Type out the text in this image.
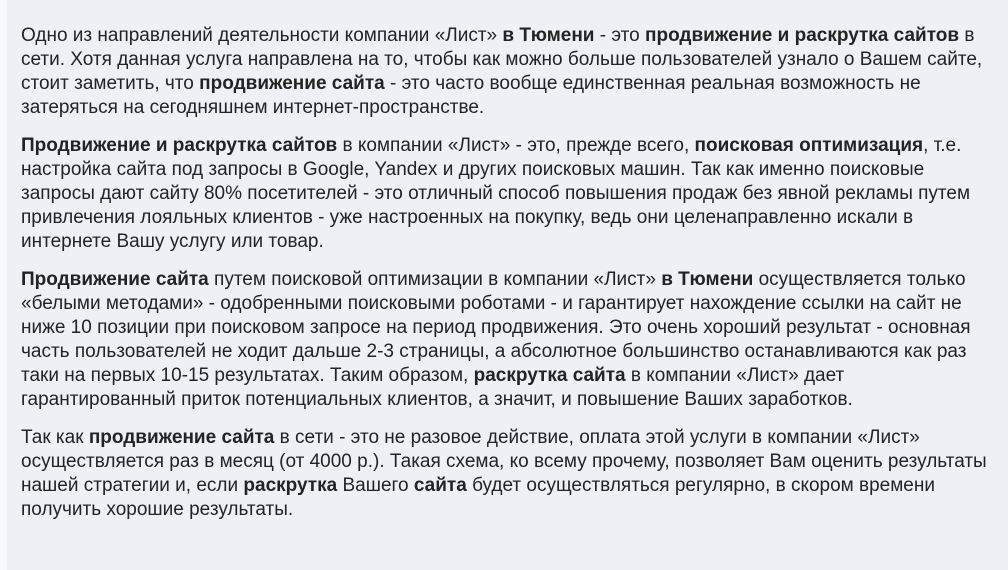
Одно из направлений деятельности компании «Лист» в Тюмени - это продвижение и раскрутка сайтов в сети. Хотя данная услуга направлена на то, чтобы как можно больше пользователей узнало о Вашем сайте, стоит заметить, что продвижение сайта - это часто вообще единственная реальная возможность не затеряться на сегодняшнем интернет-пространстве.

Продвижение и раскрутка сайтов в компании «Лист» - это, прежде всего, поисковая оптимизация, т.е. настройка сайта под запросы в Google, Yandex и других поисковых машин. Так как именно поисковые запросы дают сайту 80% посетителей - это отличный способ повышения продаж без явной рекламы путем привлечения лояльных клиентов - уже настроенных на покупку, ведь они целенаправленно искали в интернете Вашу услугу или товар.

Продвижение сайта путем поисковой оптимизации в компании «Лист» в Тюмени осуществляется только «белыми методами» - одобренными поисковыми роботами - и гарантирует нахождение ссылки на сайт не ниже 10 позиции при поисковом запросе на период продвижения. Это очень хороший результат - основная часть пользователей не ходит дальше 2-3 страницы, а абсолютное большинство останавливаются как раз таки на первых 10-15 результатах. Таким образом, раскрутка сайта в компании «Лист» дает гарантированный приток потенциальных клиентов, а значит, и повышение Ваших заработков.

Так как продвижение сайта в сети - это не разовое действие, оплата этой услуги в компании «Лист» осуществляется раз в месяц (от 4000 р.). Такая схема, ко всему прочему, позволяет Вам оценить результаты нашей стратегии и, если раскрутка Вашего сайта будет осуществляться регулярно, в скором времени получить хорошие результаты.
